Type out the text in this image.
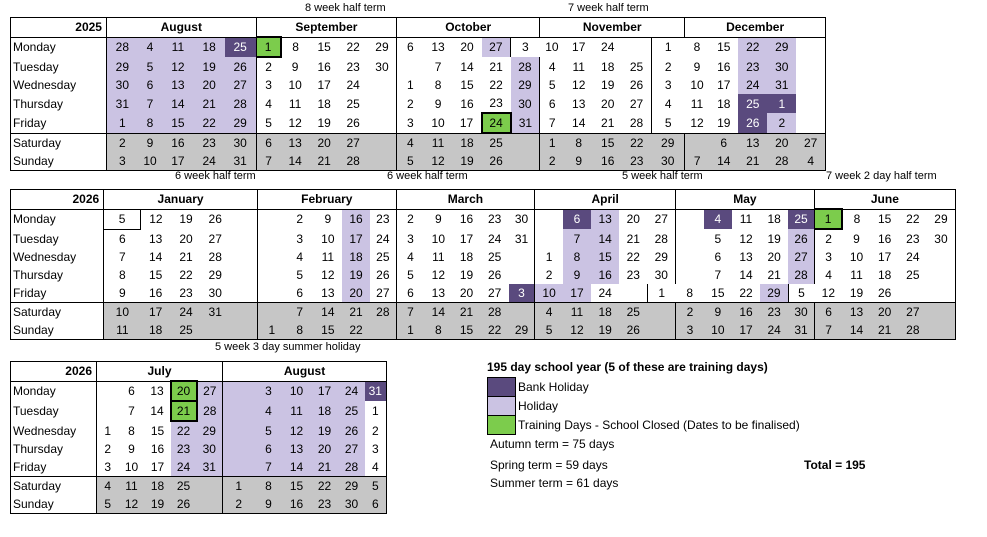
8 week half term	7 week half term
2025	August					September					October					November					December				
Monday	28	4	11	18	25	1	8	15	22	29	6	13	20	27	3	10	17	24		1	8	15	22	29	
Tuesday	29	5	12	19	26	2	9	16	23	30		7	14	21	28	4	11	18	25	2	9	16	23	30	
Wednesday	30	6	13	20	27	3	10	17	24		1	8	15	22	29	5	12	19	26	3	10	17	24	31	
Thursday	31	7	14	21	28	4	11	18	25		2	9	16	23	30	6	13	20	27	4	11	18	25	1	
Friday	1	8	15	22	29	5	12	19	26		3	10	17	24	31	7	14	21	28	5	12	19	26	2	
Saturday	2	9	16	23	30	6	13	20	27		4	11	18	25		1	8	15	22	29		6	13	20	27
Sunday	3	10	17	24	31	7	14	21	28		5	12	19	26		2	9	16	23	30	7	14	21	28	4
6 week half term	6 week half term	5 week half term	7 week 2 day half term
2026	January					February					March					April					May					June				
Monday	5	12	19	26			2	9	16	23	2	9	16	23	30		6	13	20	27		4	11	18	25	1	8	15	22	29
Tuesday	6	13	20	27			3	10	17	24	3	10	17	24	31		7	14	21	28		5	12	19	26	2	9	16	23	30
Wednesday	7	14	21	28			4	11	18	25	4	11	18	25		1	8	15	22	29		6	13	20	27	3	10	17	24	
Thursday	8	15	22	29			5	12	19	26	5	12	19	26		2	9	16	23	30		7	14	21	28	4	11	18	25	
Friday	9	16	23	30			6	13	20	27	6	13	20	27	3	10	17	24		1	8	15	22	29	5	12	19	26		
Saturday	10	17	24	31			7	14	21	28	7	14	21	28		4	11	18	25		2	9	16	23	30	6	13	20	27	
Sunday	11	18	25			1	8	15	22		1	8	15	22	29	5	12	19	26		3	10	17	24	31	7	14	21	28	
5 week 3 day summer holiday
2026	July					August					
Monday		6	13	20	27		3	10	17	24	31
Tuesday		7	14	21	28		4	11	18	25	1
Wednesday	1	8	15	22	29		5	12	19	26	2
Thursday	2	9	16	23	30		6	13	20	27	3
Friday	3	10	17	24	31		7	14	21	28	4
Saturday	4	11	18	25		1	8	15	22	29	5
Sunday	5	12	19	26		2	9	16	23	30	6
195 day school year (5 of these are training days)
Bank Holiday
Holiday
Training Days - School Closed (Dates to be finalised)
Autumn term = 75 days
Spring term = 59 days
Summer term = 61 days
Total = 195
